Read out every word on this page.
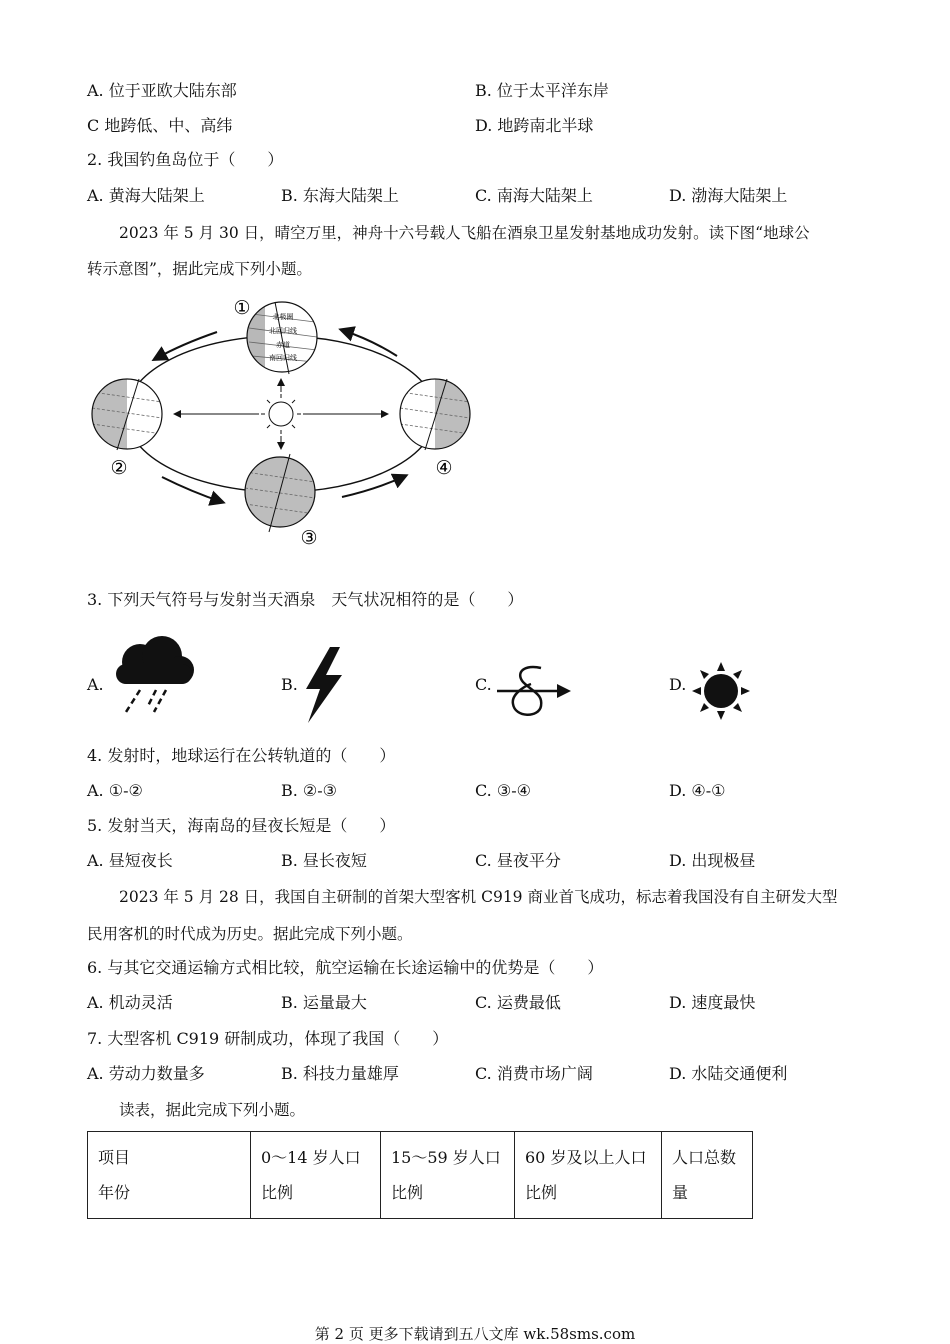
A. 位于亚欧大陆东部	B. 位于太平洋东岸
C 地跨低、中、高纬	D. 地跨南北半球
2. 我国钓鱼岛位于（　　）
A. 黄海大陆架上	B. 东海大陆架上	C. 南海大陆架上	D. 渤海大陆架上
2023 年 5 月 30 日，晴空万里，神舟十六号载人飞船在酒泉卫星发射基地成功发射。读下图“地球公
转示意图”，据此完成下列小题。
北极圈
北回归线
赤道
南回归线
①
②
③
④
3. 下列天气符号与发射当天酒泉　天气状况相符的是（　　）
A.	B.	C.	D.
4. 发射时，地球运行在公转轨道的（　　）
A. ①-②	B. ②-③	C. ③-④	D. ④-①
5. 发射当天，海南岛的昼夜长短是（　　）
A. 昼短夜长	B. 昼长夜短	C. 昼夜平分	D. 出现极昼
2023 年 5 月 28 日，我国自主研制的首架大型客机 C919 商业首飞成功，标志着我国没有自主研发大型
民用客机的时代成为历史。据此完成下列小题。
6. 与其它交通运输方式相比较，航空运输在长途运输中的优势是（　　）
A. 机动灵活	B. 运量最大	C. 运费最低	D. 速度最快
7. 大型客机 C919 研制成功，体现了我国（　　）
A. 劳动力数量多	B. 科技力量雄厚	C. 消费市场广阔	D. 水陆交通便利
读表，据此完成下列小题。
项目
年份

0〜14 岁人口
比例

15〜59 岁人口
比例

60 岁及以上人口
比例

人口总数
量
第 2 页 更多下载请到五八文库 wk.58sms.com
